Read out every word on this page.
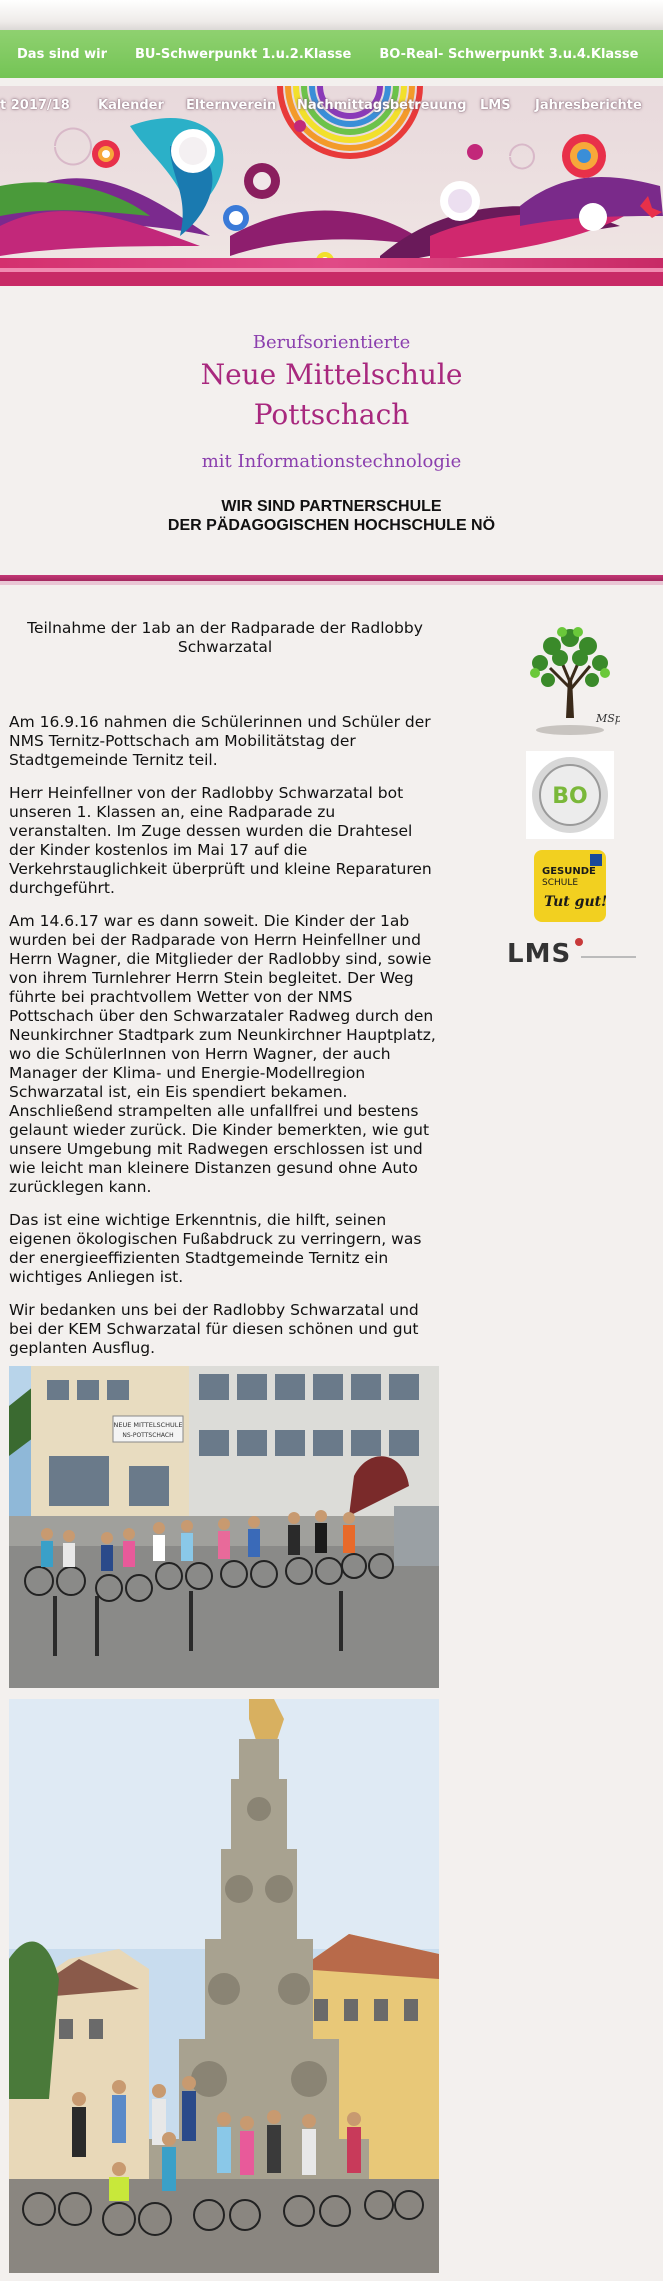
Das sind wir BU-Schwerpunkt 1.u.2.Klasse BO-Real- Schwerpunkt 3.u.4.Klasse
t 2017/18 Kalender Elternverein Nachmittagsbetreuung LMS Jahresberichte
Berufsorientierte
Neue Mittelschule
Pottschach
mit Informationstechnologie
WIR SIND PARTNERSCHULE
DER PÄDAGOGISCHEN HOCHSCHULE NÖ
Teilnahme der 1ab an der Radparade der Radlobby Schwarzatal

Am 16.9.16 nahmen die Schülerinnen und Schüler der NMS Ternitz-Pottschach am Mobilitätstag der Stadtgemeinde Ternitz teil.

Herr Heinfellner von der Radlobby Schwarzatal bot unseren 1. Klassen an, eine Radparade zu veranstalten. Im Zuge dessen wurden die Drahtesel der Kinder kostenlos im Mai 17 auf die Verkehrstauglichkeit überprüft und kleine Reparaturen durchgeführt.

Am 14.6.17 war es dann soweit. Die Kinder der 1ab wurden bei der Radparade von Herrn Heinfellner und Herrn Wagner, die Mitglieder der Radlobby sind, sowie von ihrem Turnlehrer Herrn Stein begleitet. Der Weg führte bei prachtvollem Wetter von der NMS Pottschach über den Schwarzataler Radweg durch den Neunkirchner Stadtpark zum Neunkirchner Hauptplatz, wo die SchülerInnen von Herrn Wagner, der auch Manager der Klima- und Energie-Modellregion Schwarzatal ist, ein Eis spendiert bekamen. Anschließend strampelten alle unfallfrei und bestens gelaunt wieder zurück. Die Kinder bemerkten, wie gut unsere Umgebung mit Radwegen erschlossen ist und wie leicht man kleinere Distanzen gesund ohne Auto zurücklegen kann.

Das ist eine wichtige Erkenntnis, die hilft, seinen eigenen ökologischen Fußabdruck zu verringern, was der energieeffizienten Stadtgemeinde Ternitz ein wichtiges Anliegen ist.

Wir bedanken uns bei der Radlobby Schwarzatal und bei der KEM Schwarzatal für diesen schönen und gut geplanten Ausflug.

NEUE MITTELSCHULE
NS-POTTSCHACH
MSp
BO
GESUNDE
SCHULE
Tut gut!
LMS
